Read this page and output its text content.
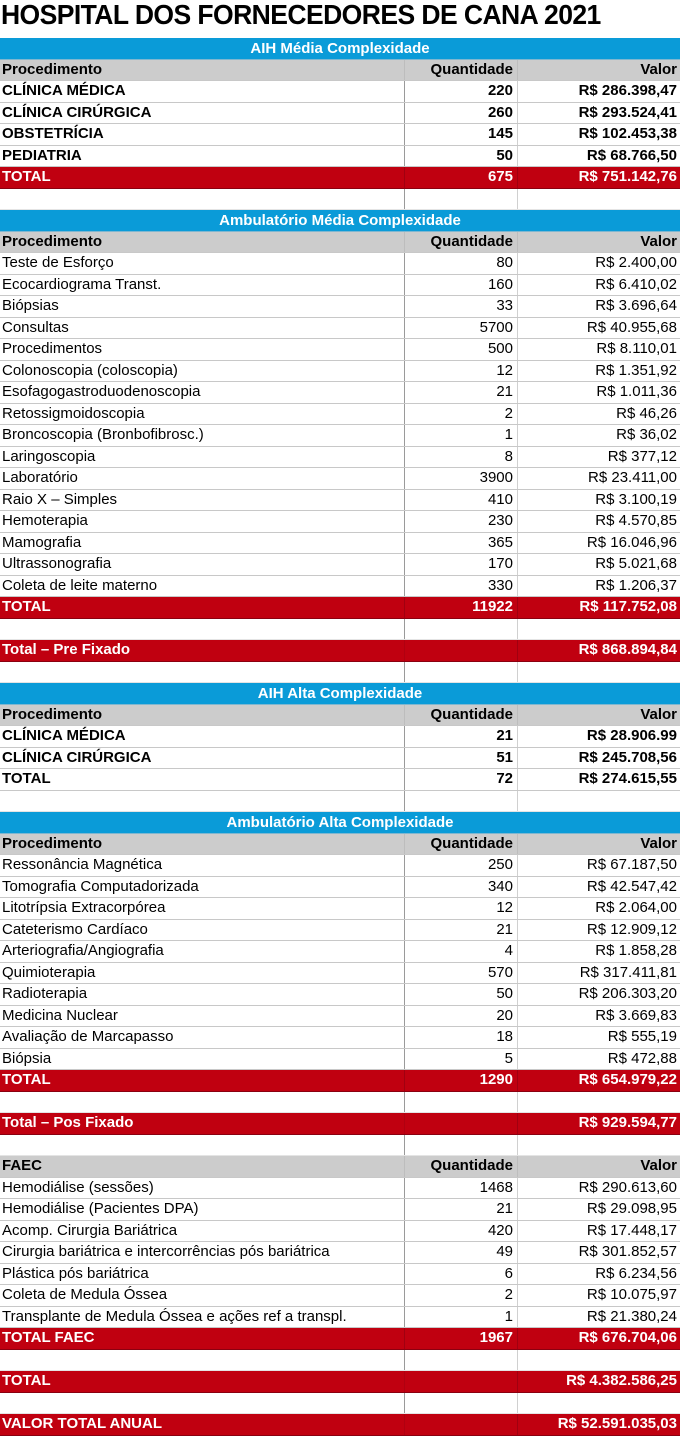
HOSPITAL DOS FORNECEDORES DE CANA 2021
AIH Média Complexidade
Procedimento	Quantidade	Valor
CLÍNICA MÉDICA	220	R$ 286.398,47
CLÍNICA CIRÚRGICA	260	R$ 293.524,41
OBSTETRÍCIA	145	R$ 102.453,38
PEDIATRIA	50	R$ 68.766,50
TOTAL	675	R$ 751.142,76
Ambulatório Média Complexidade
Procedimento	Quantidade	Valor
Teste de Esforço	80	R$ 2.400,00
Ecocardiograma Transt.	160	R$ 6.410,02
Biópsias	33	R$ 3.696,64
Consultas	5700	R$ 40.955,68
Procedimentos	500	R$ 8.110,01
Colonoscopia (coloscopia)	12	R$ 1.351,92
Esofagogastroduodenoscopia	21	R$ 1.011,36
Retossigmoidoscopia	2	R$ 46,26
Broncoscopia (Bronbofibrosc.)	1	R$ 36,02
Laringoscopia	8	R$ 377,12
Laboratório	3900	R$ 23.411,00
Raio X – Simples	410	R$ 3.100,19
Hemoterapia	230	R$ 4.570,85
Mamografia	365	R$ 16.046,96
Ultrassonografia	170	R$ 5.021,68
Coleta de leite materno	330	R$ 1.206,37
TOTAL	11922	R$ 117.752,08
Total – Pre Fixado	R$ 868.894,84
AIH Alta Complexidade
Procedimento	Quantidade	Valor
CLÍNICA MÉDICA	21	R$ 28.906.99
CLÍNICA CIRÚRGICA	51	R$ 245.708,56
TOTAL	72	R$ 274.615,55
Ambulatório Alta Complexidade
Procedimento	Quantidade	Valor
Ressonância Magnética	250	R$ 67.187,50
Tomografia Computadorizada	340	R$ 42.547,42
Litotrípsia Extracorpórea	12	R$ 2.064,00
Cateterismo Cardíaco	21	R$ 12.909,12
Arteriografia/Angiografia	4	R$ 1.858,28
Quimioterapia	570	R$ 317.411,81
Radioterapia	50	R$ 206.303,20
Medicina Nuclear	20	R$ 3.669,83
Avaliação de Marcapasso	18	R$ 555,19
Biópsia	5	R$ 472,88
TOTAL	1290	R$ 654.979,22
Total – Pos Fixado	R$ 929.594,77
FAEC	Quantidade	Valor
Hemodiálise (sessões)	1468	R$ 290.613,60
Hemodiálise (Pacientes DPA)	21	R$ 29.098,95
Acomp. Cirurgia Bariátrica	420	R$ 17.448,17
Cirurgia bariátrica e intercorrências pós bariátrica	49	R$ 301.852,57
Plástica pós bariátrica	6	R$ 6.234,56
Coleta de Medula Óssea	2	R$ 10.075,97
Transplante de Medula Óssea e ações ref a transpl.	1	R$ 21.380,24
TOTAL FAEC	1967	R$ 676.704,06
TOTAL	R$ 4.382.586,25
VALOR TOTAL ANUAL	R$ 52.591.035,03
